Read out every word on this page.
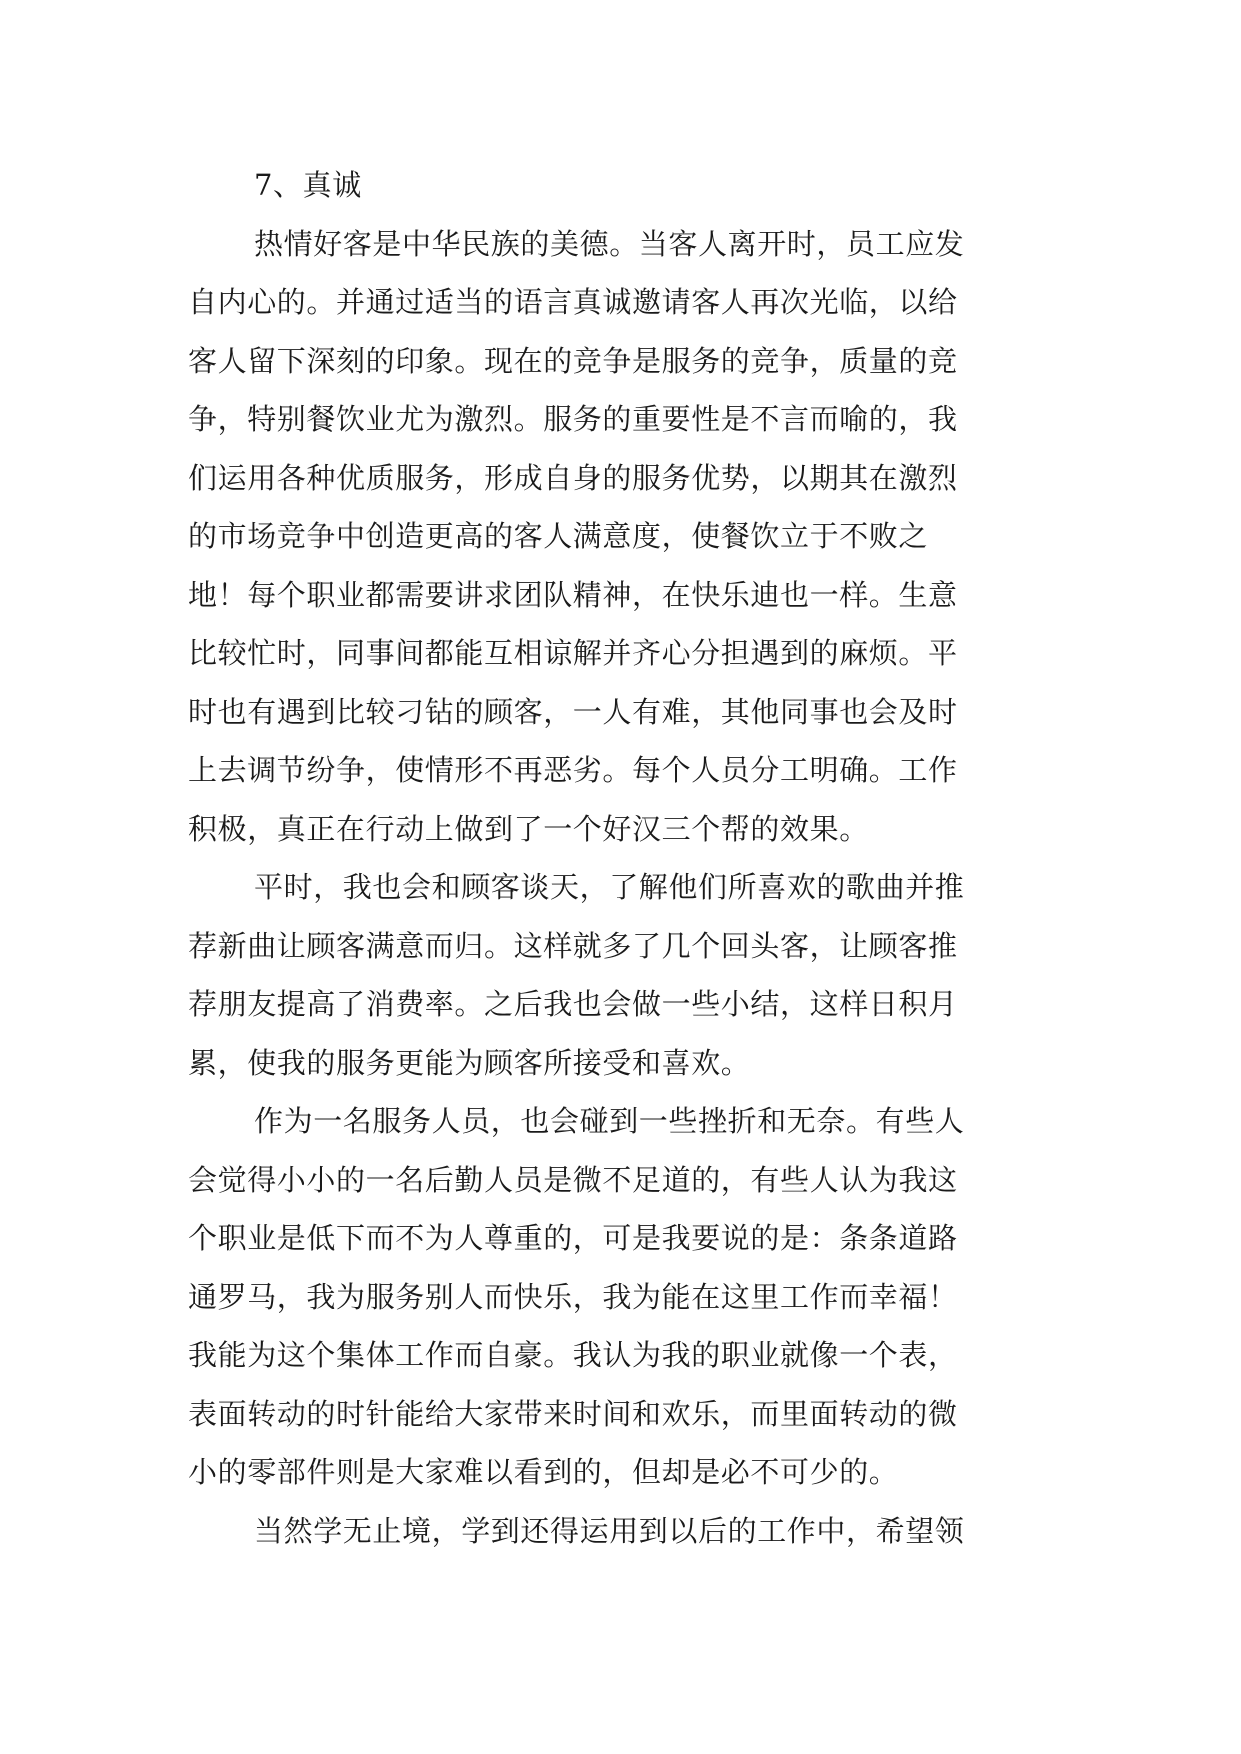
7、真诚
热情好客是中华民族的美德。当客人离开时，员工应发
自内心的。并通过适当的语言真诚邀请客人再次光临，以给
客人留下深刻的印象。现在的竞争是服务的竞争，质量的竞
争，特别餐饮业尤为激烈。服务的重要性是不言而喻的，我
们运用各种优质服务，形成自身的服务优势，以期其在激烈
的市场竞争中创造更高的客人满意度，使餐饮立于不败之
地！每个职业都需要讲求团队精神，在快乐迪也一样。生意
比较忙时，同事间都能互相谅解并齐心分担遇到的麻烦。平
时也有遇到比较刁钻的顾客，一人有难，其他同事也会及时
上去调节纷争，使情形不再恶劣。每个人员分工明确。工作
积极，真正在行动上做到了一个好汉三个帮的效果。
平时，我也会和顾客谈天，了解他们所喜欢的歌曲并推
荐新曲让顾客满意而归。这样就多了几个回头客，让顾客推
荐朋友提高了消费率。之后我也会做一些小结，这样日积月
累，使我的服务更能为顾客所接受和喜欢。
作为一名服务人员，也会碰到一些挫折和无奈。有些人
会觉得小小的一名后勤人员是微不足道的，有些人认为我这
个职业是低下而不为人尊重的，可是我要说的是：条条道路
通罗马，我为服务别人而快乐，我为能在这里工作而幸福！
我能为这个集体工作而自豪。我认为我的职业就像一个表，
表面转动的时针能给大家带来时间和欢乐，而里面转动的微
小的零部件则是大家难以看到的，但却是必不可少的。
当然学无止境，学到还得运用到以后的工作中，希望领
